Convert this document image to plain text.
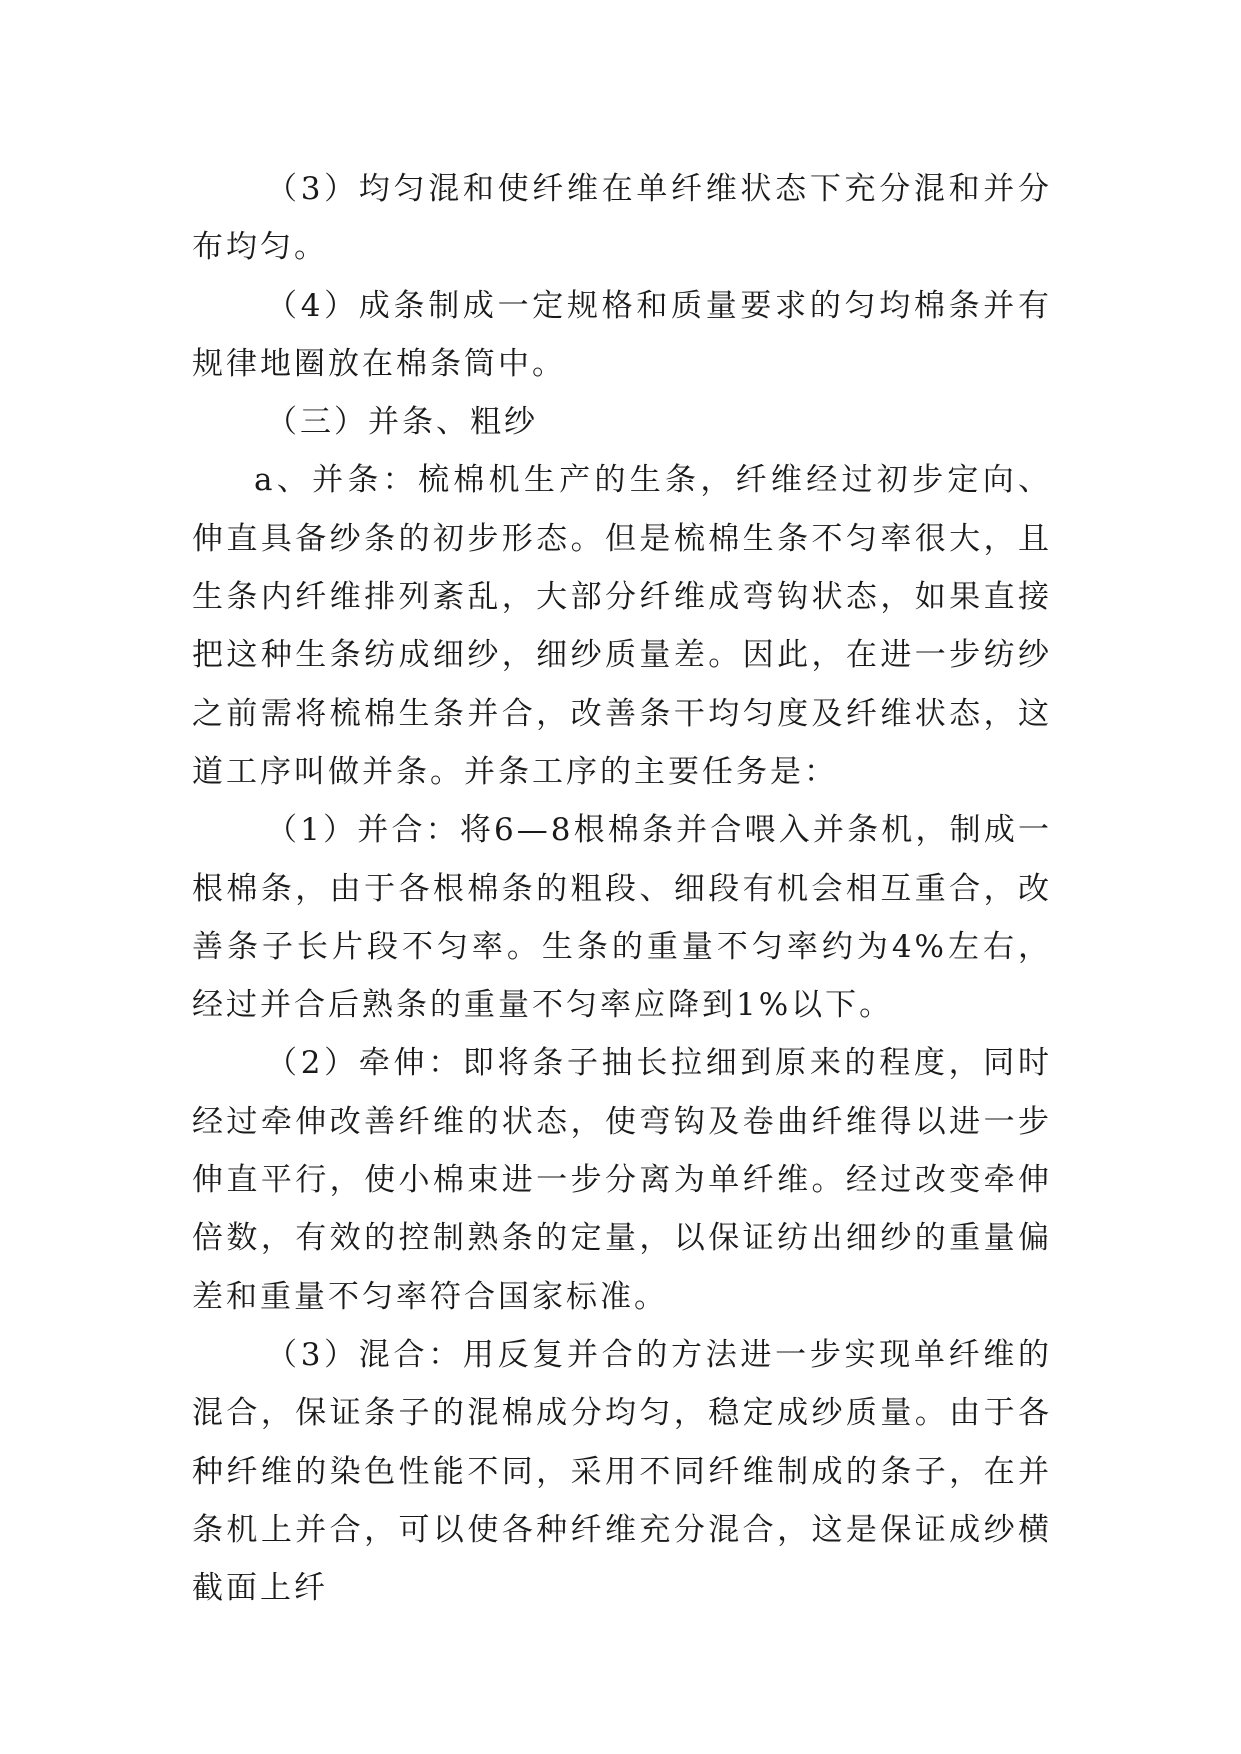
（3）均匀混和使纤维在单纤维状态下充分混和并分布均匀。

（4）成条制成一定规格和质量要求的匀均棉条并有规律地圈放在棉条筒中。

（三）并条、粗纱

a、并条：梳棉机生产的生条，纤维经过初步定向、伸直具备纱条的初步形态。但是梳棉生条不匀率很大，且生条内纤维排列紊乱，大部分纤维成弯钩状态，如果直接把这种生条纺成细纱，细纱质量差。因此，在进一步纺纱之前需将梳棉生条并合，改善条干均匀度及纤维状态，这道工序叫做并条。并条工序的主要任务是：

（1）并合：将6—8根棉条并合喂入并条机，制成一根棉条，由于各根棉条的粗段、细段有机会相互重合，改善条子长片段不匀率。生条的重量不匀率约为4%左右，经过并合后熟条的重量不匀率应降到1%以下。

（2）牵伸：即将条子抽长拉细到原来的程度，同时经过牵伸改善纤维的状态，使弯钩及卷曲纤维得以进一步伸直平行，使小棉束进一步分离为单纤维。经过改变牵伸倍数，有效的控制熟条的定量，以保证纺出细纱的重量偏差和重量不匀率符合国家标准。

（3）混合：用反复并合的方法进一步实现单纤维的混合，保证条子的混棉成分均匀，稳定成纱质量。由于各种纤维的染色性能不同，采用不同纤维制成的条子，在并条机上并合，可以使各种纤维充分混合，这是保证成纱横截面上纤
